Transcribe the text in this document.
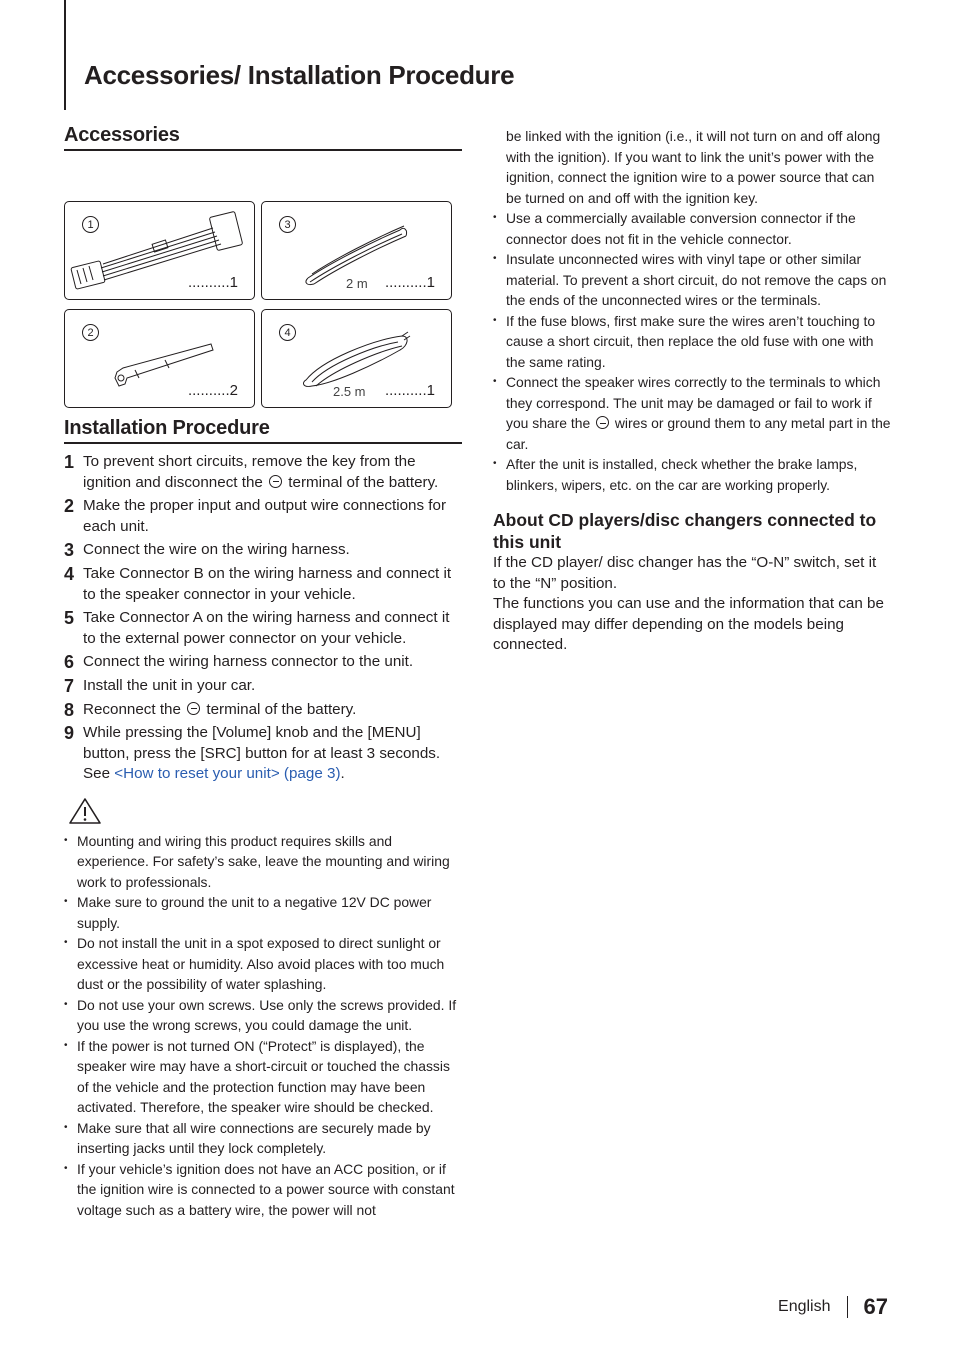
Accessories/ Installation Procedure
Accessories
1
..........1
3
2 m ..........1
2
..........2
4
2.5 m ..........1
Installation Procedure
1 To prevent short circuits, remove the key from the ignition and disconnect the  terminal of the battery.
2 Make the proper input and output wire connections for each unit.
3 Connect the wire on the wiring harness.
4 Take Connector B on the wiring harness and connect it to the speaker connector in your vehicle.
5 Take Connector A on the wiring harness and connect it to the external power connector on your vehicle.
6 Connect the wiring harness connector to the unit.
7 Install the unit in your car.
8 Reconnect the  terminal of the battery.
9 While pressing the [Volume] knob and the [MENU] button, press the [SRC] button for at least 3 seconds. See <How to reset your unit> (page 3).
• Mounting and wiring this product requires skills and experience. For safety’s sake, leave the mounting and wiring work to professionals.
• Make sure to ground the unit to a negative 12V DC power supply.
• Do not install the unit in a spot exposed to direct sunlight or excessive heat or humidity. Also avoid places with too much dust or the possibility of water splashing.
• Do not use your own screws. Use only the screws provided. If you use the wrong screws, you could damage the unit.
• If the power is not turned ON (“Protect” is displayed), the speaker wire may have a short-circuit or touched the chassis of the vehicle and the protection function may have been activated. Therefore, the speaker wire should be checked.
• Make sure that all wire connections are securely made by inserting jacks until they lock completely.
• If your vehicle’s ignition does not have an ACC position, or if the ignition wire is connected to a power source with constant voltage such as a battery wire, the power will not
be linked with the ignition (i.e., it will not turn on and off along with the ignition). If you want to link the unit’s power with the ignition, connect the ignition wire to a power source that can be turned on and off with the ignition key.
• Use a commercially available conversion connector if the connector does not fit in the vehicle connector.
• Insulate unconnected wires with vinyl tape or other similar material. To prevent a short circuit, do not remove the caps on the ends of the unconnected wires or the terminals.
• If the fuse blows, first make sure the wires aren’t touching to cause a short circuit, then replace the old fuse with one with the same rating.
• Connect the speaker wires correctly to the terminals to which they correspond. The unit may be damaged or fail to work if you share the  wires or ground them to any metal part in the car.
• After the unit is installed, check whether the brake lamps, blinkers, wipers, etc. on the car are working properly.
About CD players/disc changers connected to this unit

If the CD player/ disc changer has the “O-N” switch, set it to the “N” position.

The functions you can use and the information that can be displayed may differ depending on the models being connected.

English 67
